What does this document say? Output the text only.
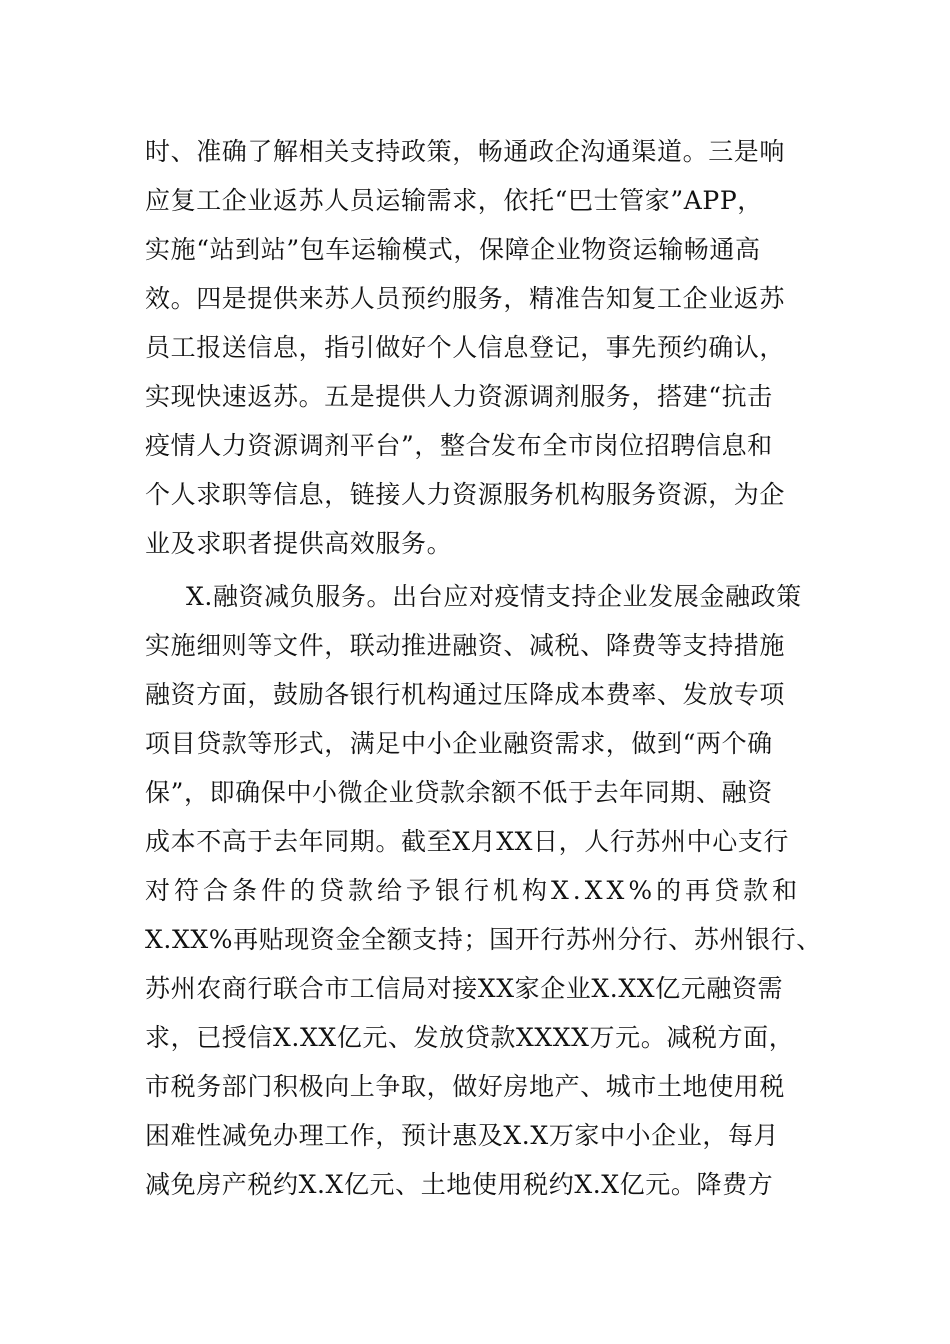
时、准确了解相关支持政策，畅通政企沟通渠道。三是响
应复工企业返苏人员运输需求，依托“巴士管家”APP，
实施“站到站”包车运输模式，保障企业物资运输畅通高
效。四是提供来苏人员预约服务，精准告知复工企业返苏
员工报送信息，指引做好个人信息登记，事先预约确认，
实现快速返苏。五是提供人力资源调剂服务，搭建“抗击
疫情人力资源调剂平台”，整合发布全市岗位招聘信息和
个人求职等信息，链接人力资源服务机构服务资源，为企
业及求职者提供高效服务。
X.融资减负服务。出台应对疫情支持企业发展金融政策
实施细则等文件，联动推进融资、减税、降费等支持措施
融资方面，鼓励各银行机构通过压降成本费率、发放专项
项目贷款等形式，满足中小企业融资需求，做到“两个确
保”，即确保中小微企业贷款余额不低于去年同期、融资
成本不高于去年同期。截至X月XX日，人行苏州中心支行
对符合条件的贷款给予银行机构X.XX%的再贷款和
X.XX%再贴现资金全额支持；国开行苏州分行、苏州银行、
苏州农商行联合市工信局对接XX家企业X.XX亿元融资需
求，已授信X.XX亿元、发放贷款XXXX万元。减税方面，
市税务部门积极向上争取，做好房地产、城市土地使用税
困难性减免办理工作，预计惠及X.X万家中小企业，每月
减免房产税约X.X亿元、土地使用税约X.X亿元。降费方
